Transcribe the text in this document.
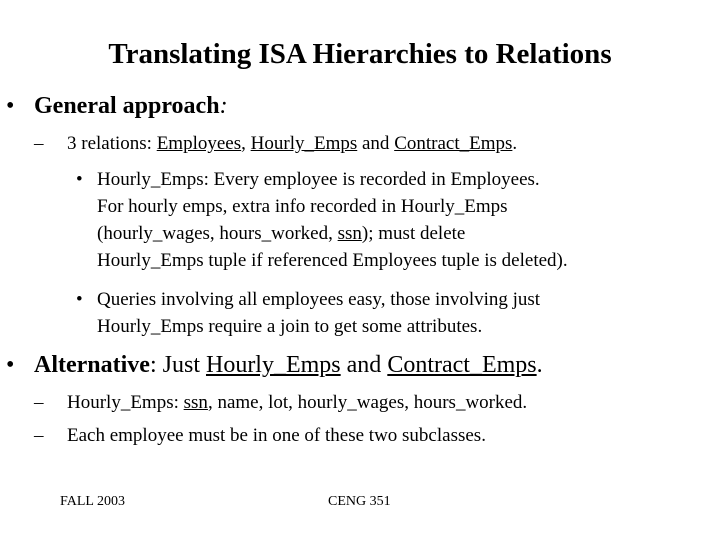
Translating ISA Hierarchies to Relations
• General approach:
– 3 relations: Employees, Hourly_Emps and Contract_Emps.
• Hourly_Emps: Every employee is recorded in Employees.
For hourly emps, extra info recorded in Hourly_Emps
(hourly_wages, hours_worked, ssn); must delete
Hourly_Emps tuple if referenced Employees tuple is deleted).
• Queries involving all employees easy, those involving just
Hourly_Emps require a join to get some attributes.
• Alternative: Just Hourly_Emps and Contract_Emps.
– Hourly_Emps: ssn, name, lot, hourly_wages, hours_worked.
– Each employee must be in one of these two subclasses.
FALL 2003	CENG 351
